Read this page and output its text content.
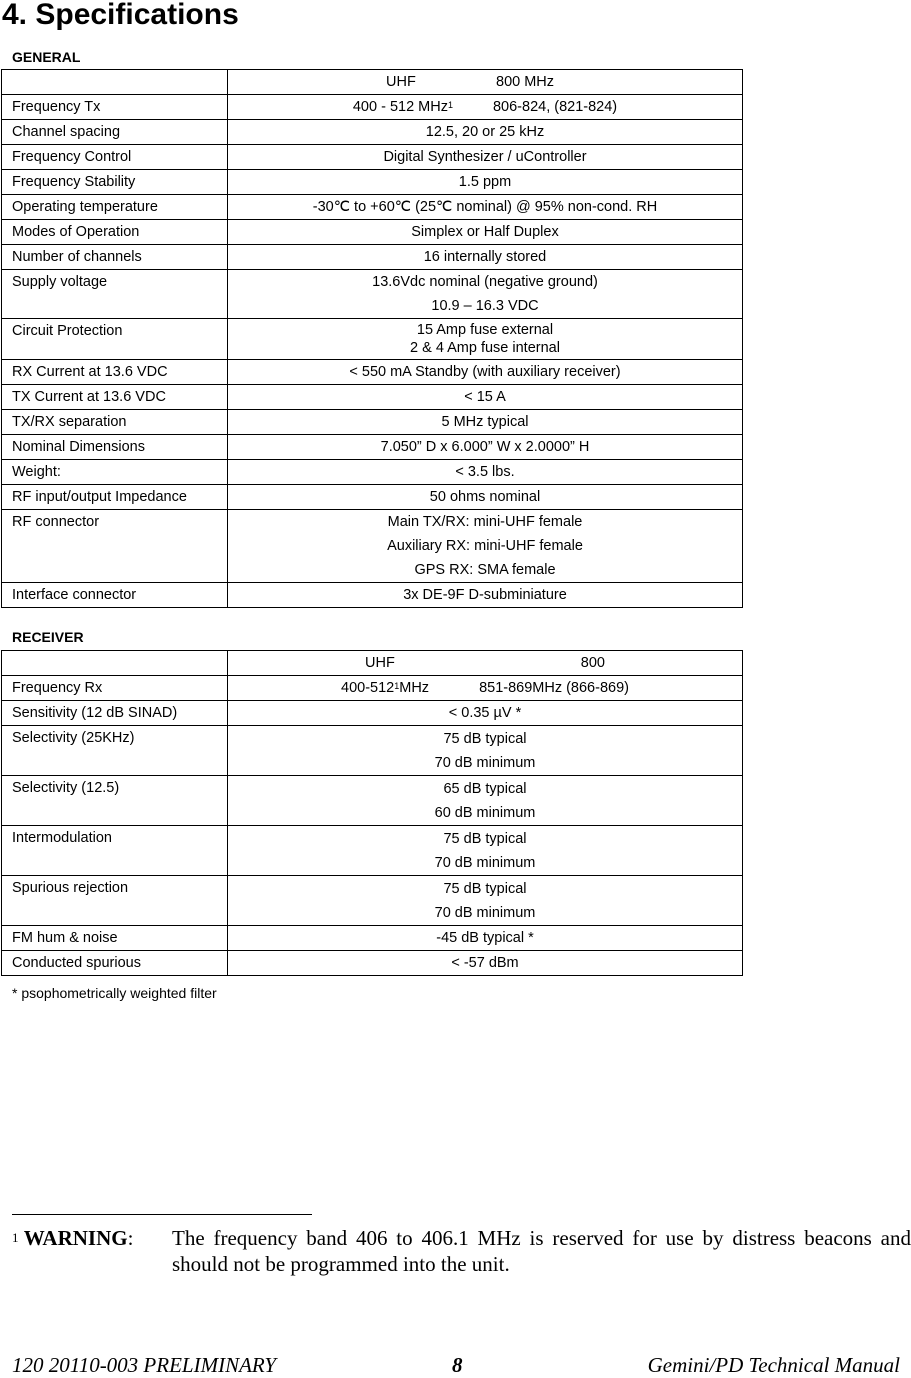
4. Specifications
GENERAL

	UHF 800 MHz

Frequency Tx	400 - 512 MHz1 806-824, (821-824)

Channel spacing	12.5, 20 or 25 kHz
Frequency Control	Digital Synthesizer / uController
Frequency Stability	1.5 ppm
Operating temperature	-30℃ to +60℃ (25℃ nominal) @ 95% non-cond. RH
Modes of Operation	Simplex or Half Duplex
Number of channels	16 internally stored
Supply voltage	13.6Vdc nominal (negative ground)
10.9 – 16.3 VDC

Circuit Protection	15 Amp fuse external
2 & 4 Amp fuse internal

RX Current at 13.6 VDC	< 550 mA Standby (with auxiliary receiver)
TX Current at 13.6 VDC	< 15 A
TX/RX separation	5 MHz typical
Nominal Dimensions	7.050” D x 6.000” W x 2.0000” H
Weight:	< 3.5 lbs.
RF input/output Impedance	50 ohms nominal
RF connector	Main TX/RX: mini-UHF female
Auxiliary RX: mini-UHF female
GPS RX: SMA female

Interface connector	3x DE-9F D-subminiature
RECEIVER

	UHF 800

Frequency Rx	400-5121MHz 851-869MHz (866-869)

Sensitivity (12 dB SINAD)	< 0.35 µV *
Selectivity (25KHz)	75 dB typical
70 dB minimum

Selectivity (12.5)	65 dB typical
60 dB minimum

Intermodulation	75 dB typical
70 dB minimum

Spurious rejection	75 dB typical
70 dB minimum

FM hum & noise	-45 dB typical *
Conducted spurious	< -57 dBm
* psophometrically weighted filter
$^1$ WARNING: The frequency band 406 to 406.1 MHz is reserved for use by distress beacons and should not be programmed into the unit.
120 20110-003 PRELIMINARY	8	Gemini/PD Technical Manual
